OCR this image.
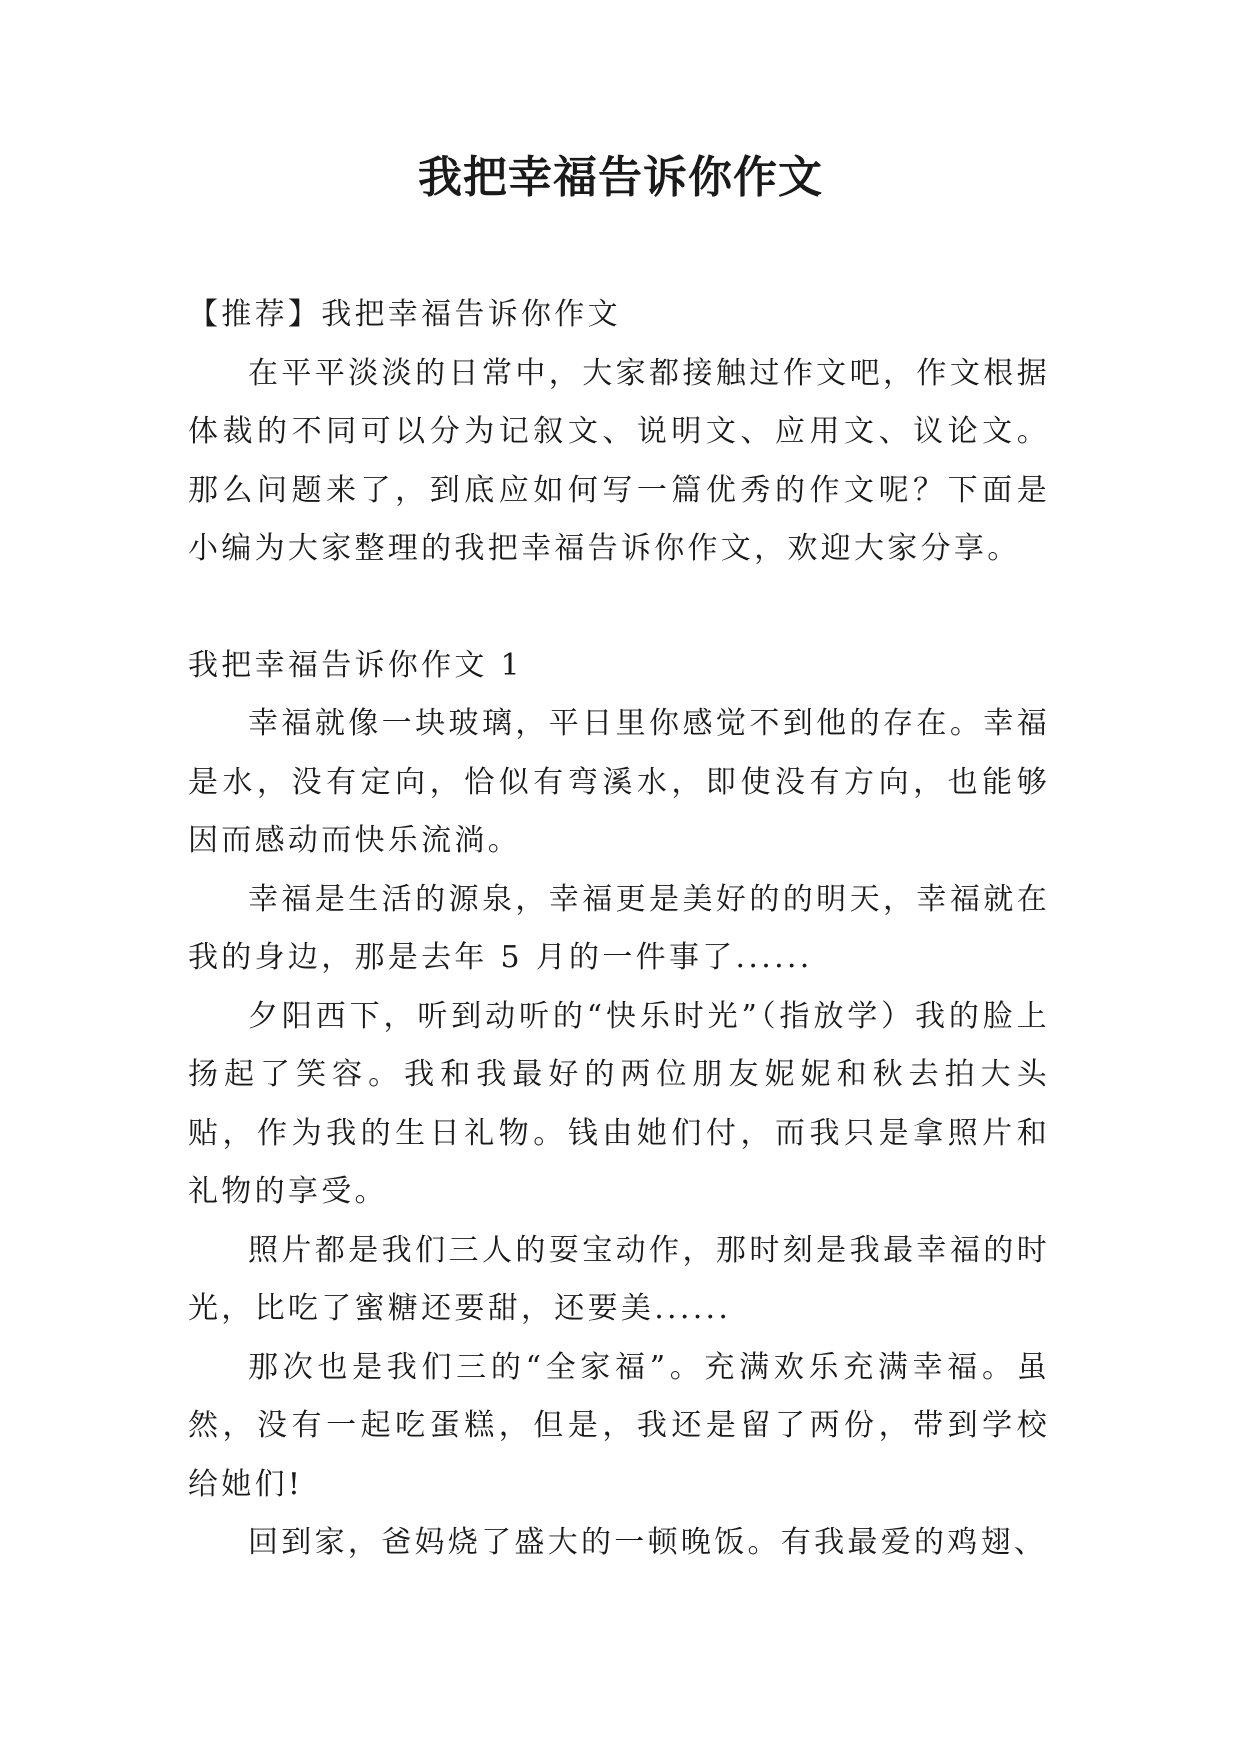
我把幸福告诉你作文

【推荐】我把幸福告诉你作文

在平平淡淡的日常中，大家都接触过作文吧，作文根据体裁的不同可以分为记叙文、说明文、应用文、议论文。那么问题来了，到底应如何写一篇优秀的作文呢？下面是小编为大家整理的我把幸福告诉你作文，欢迎大家分享。

我把幸福告诉你作文 1

幸福就像一块玻璃，平日里你感觉不到他的存在。幸福是水，没有定向，恰似有弯溪水，即使没有方向，也能够因而感动而快乐流淌。

幸福是生活的源泉，幸福更是美好的的明天，幸福就在我的身边，那是去年 5 月的一件事了......

夕阳西下，听到动听的“快乐时光”（指放学）我的脸上扬起了笑容。我和我最好的两位朋友妮妮和秋去拍大头贴，作为我的生日礼物。钱由她们付，而我只是拿照片和礼物的享受。

照片都是我们三人的耍宝动作，那时刻是我最幸福的时光，比吃了蜜糖还要甜，还要美......

那次也是我们三的“全家福”。充满欢乐充满幸福。虽然，没有一起吃蛋糕，但是，我还是留了两份，带到学校给她们!

回到家，爸妈烧了盛大的一顿晚饭。有我最爱的鸡翅、
